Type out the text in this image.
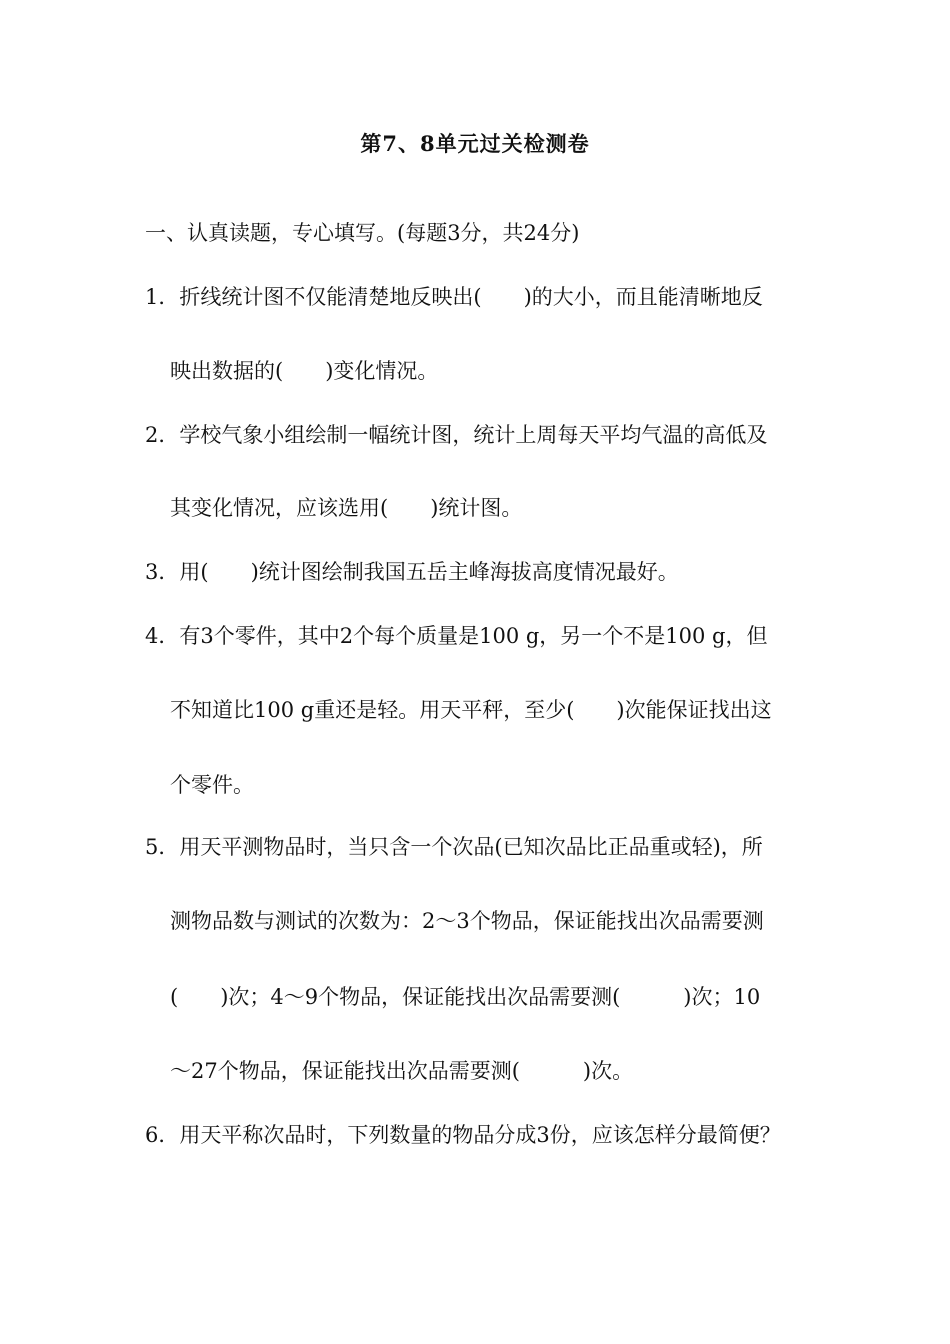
第7、8单元过关检测卷
一、认真读题，专心填写。(每题3分，共24分)
1．折线统计图不仅能清楚地反映出(　　)的大小，而且能清晰地反
映出数据的(　　)变化情况。
2．学校气象小组绘制一幅统计图，统计上周每天平均气温的高低及
其变化情况，应该选用(　　)统计图。
3．用(　　)统计图绘制我国五岳主峰海拔高度情况最好。
4．有3个零件，其中2个每个质量是100 g，另一个不是100 g，但
不知道比100 g重还是轻。用天平秤，至少(　　)次能保证找出这
个零件。
5．用天平测物品时，当只含一个次品(已知次品比正品重或轻)，所
测物品数与测试的次数为：2～3个物品，保证能找出次品需要测
(　　)次；4～9个物品，保证能找出次品需要测(　　　)次；10
～27个物品，保证能找出次品需要测(　　　)次。
6．用天平称次品时，下列数量的物品分成3份，应该怎样分最简便？
